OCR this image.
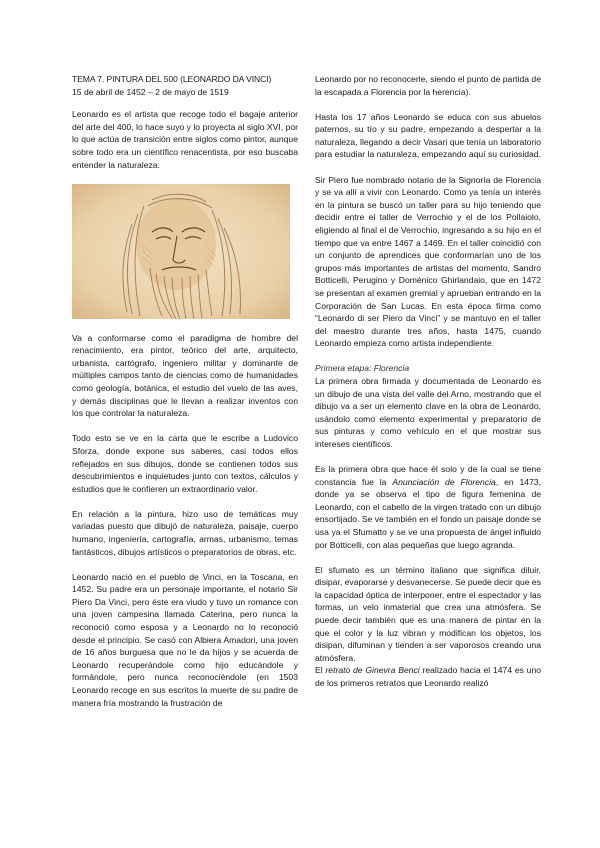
TEMA 7. PINTURA DEL 500 (LEONARDO DA VINCI)

15 de abril de 1452 – 2 de mayo de 1519

Leonardo es el artista que recoge todo el bagaje anterior del arte del 400, lo hace suyo y lo proyecta al siglo XVI, por lo que actúa de transición entre siglos como pintor, aunque sobre todo era un científico renacentista, por eso buscaba entender la naturaleza.

Va a conformarse como el paradigma de hombre del renacimiento, era pintor, teórico del arte, arquitecto, urbanista, cartógrafo, ingeniero militar y dominante de múltiples campos tanto de ciencias como de humanidades como geología, botánica, el estudio del vuelo de las aves, y demás disciplinas que le llevan a realizar inventos con los que controlar la naturaleza.

Todo esto se ve en la carta que le escribe a Ludovico Sforza, donde expone sus saberes, casi todos ellos reflejados en sus dibujos, donde se contienen todos sus descubrimientos e inquietudes junto con textos, cálculos y estudios que le confieren un extraordinario valor.

En relación a la pintura, hizo uso de temáticas muy variadas puesto que dibujó de naturaleza, paisaje, cuerpo humano, ingeniería, cartografía, armas, urbanismo, temas fantásticos, dibujos artísticos o preparatorios de obras, etc.

Leonardo nació en el pueblo de Vinci, en la Toscana, en 1452. Su padre era un personaje importante, el notario Sir Piero Da Vinci, pero éste era viudo y tuvo un romance con una joven campesina llamada Caterina, pero nunca la reconoció como esposa y a Leonardo no lo reconoció desde el principio. Se casó con Albiera Amadori, una joven de 16 años burguesa que no le da hijos y se acuerda de Leonardo recuperándole como hijo educándole y formándole, pero nunca reconociéndole (en 1503 Leonardo recoge en sus escritos la muerte de su padre de manera fría mostrando la frustración de

Leonardo por no reconocerle, siendo el punto de partida de la escapada a Florencia por la herencia).

Hasta los 17 años Leonardo se educa con sus abuelos paternos, su tío y su padre, empezando a despertar a la naturaleza, llegando a decir Vasari que tenía un laboratorio para estudiar la naturaleza, empezando aquí su curiosidad.

Sir Piero fue nombrado notario de la Signoría de Florencia y se va allí a vivir con Leonardo. Como ya tenía un interés en la pintura se buscó un taller para su hijo teniendo que decidir entre el taller de Verrochio y el de los Pollaiolo, eligiendo al final el de Verrochio, ingresando a su hijo en el tiempo que va entre 1467 a 1469. En el taller coincidió con un conjunto de aprendices que conformarían uno de los grupos más importantes de artistas del momento, Sandro Botticelli, Perugino y Doménico Ghirlandaio, que en 1472 se presentan al examen gremial y aprueban entrando en la Corporación de San Lucas. En esta época firma como “Leonardo di ser Piero da Vinci” y se mantuvo en el taller del maestro durante tres años, hasta 1475, cuando Leonardo empieza como artista independiente.

Primera etapa: Florencia

La primera obra firmada y documentada de Leonardo es un dibujo de una vista del valle del Arno, mostrando que el dibujo va a ser un elemento clave en la obra de Leonardo, usándolo como elemento experimental y preparatorio de sus pinturas y como vehículo en el que mostrar sus intereses científicos.

Es la primera obra que hace él solo y de la cual se tiene constancia fue la Anunciación de Florencia, en 1473, donde ya se observa el tipo de figura femenina de Leonardo, con el cabello de la virgen tratado con un dibujo ensortijado. Se ve también en el fondo un paisaje donde se usa ya el Sfumatto y se ve una propuesta de ángel influido por Botticelli, con alas pequeñas que luego agranda.

El sfumato es un término italiano que significa diluir, disipar, evaporarse y desvanecerse. Se puede decir que es la capacidad óptica de interponer, entre el espectador y las formas, un velo inmaterial que crea una atmósfera. Se puede decir también que es una manera de pintar en la que el color y la luz vibran y modifican los objetos, los disipan, difuminan y tienden a ser vaporosos creando una atmósfera.

El retrato de Ginevra Benci realizado hacia el 1474 es uno de los primeros retratos que Leonardo realizó
